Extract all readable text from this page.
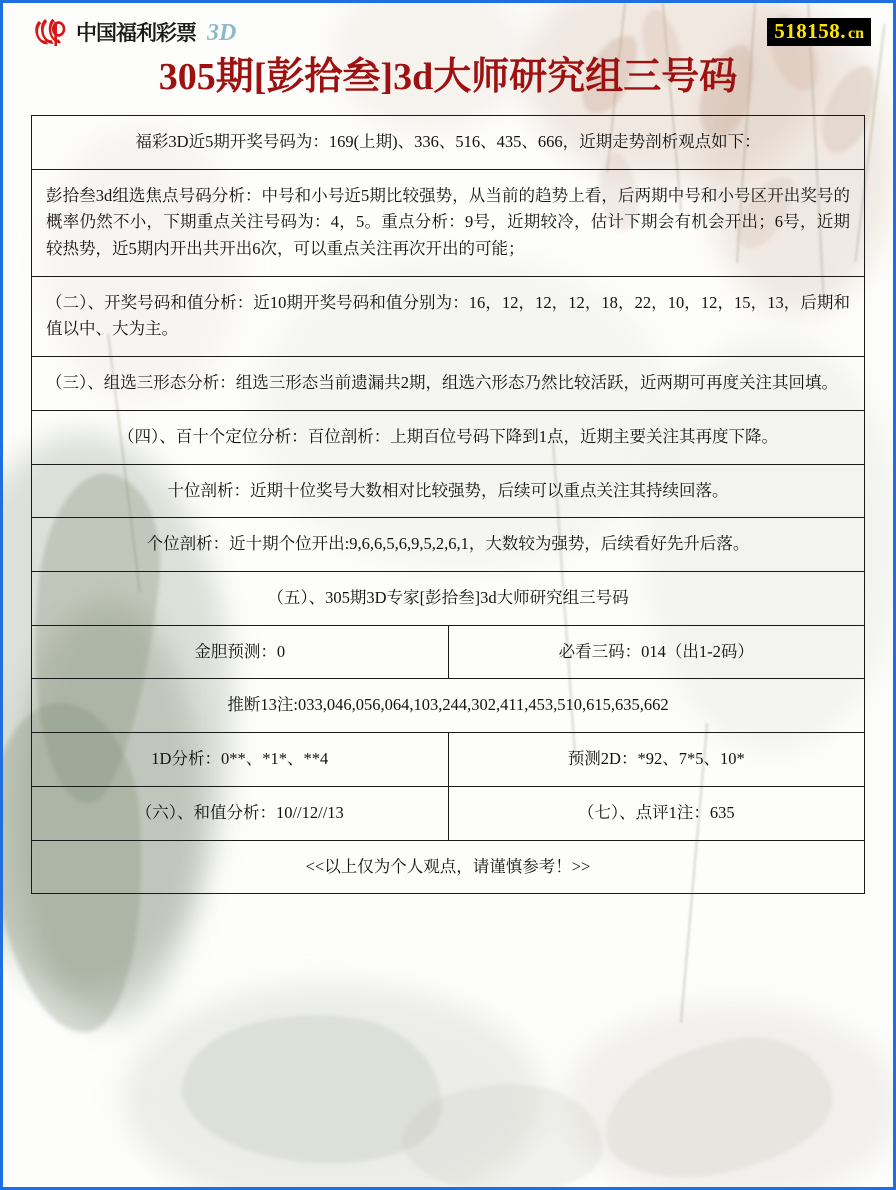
中国福利彩票 3D	518158. cn
305期[彭拾叁]3d大师研究组三号码
福彩3D近5期开奖号码为：169(上期)、336、516、435、666，近期走势剖析观点如下：	
彭拾叁3d组选焦点号码分析：中号和小号近5期比较强势，从当前的趋势上看，后两期中号和小号区开出奖号的概率仍然不小，下期重点关注号码为：4，5。重点分析：9号，近期较冷，估计下期会有机会开出；6号，近期较热势，近5期内开出共开出6次，可以重点关注再次开出的可能；	
（二）、开奖号码和值分析：近10期开奖号码和值分别为：16，12，12，12，18，22，10，12，15，13，后期和值以中、大为主。	
（三）、组选三形态分析：组选三形态当前遗漏共2期，组选六形态乃然比较活跃，近两期可再度关注其回填。	
（四）、百十个定位分析：百位剖析：上期百位号码下降到1点，近期主要关注其再度下降。	
十位剖析：近期十位奖号大数相对比较强势，后续可以重点关注其持续回落。	
个位剖析：近十期个位开出:9,6,6,5,6,9,5,2,6,1，大数较为强势，后续看好先升后落。	
（五）、305期3D专家[彭拾叁]3d大师研究组三号码	
金胆预测：0	必看三码：014（出1-2码）
推断13注:033,046,056,064,103,244,302,411,453,510,615,635,662	
1D分析：0**、*1*、**4	预测2D：*92、7*5、10*
（六）、和值分析：10//12//13	（七）、点评1注：635
<<以上仅为个人观点，请谨慎参考！>>	
